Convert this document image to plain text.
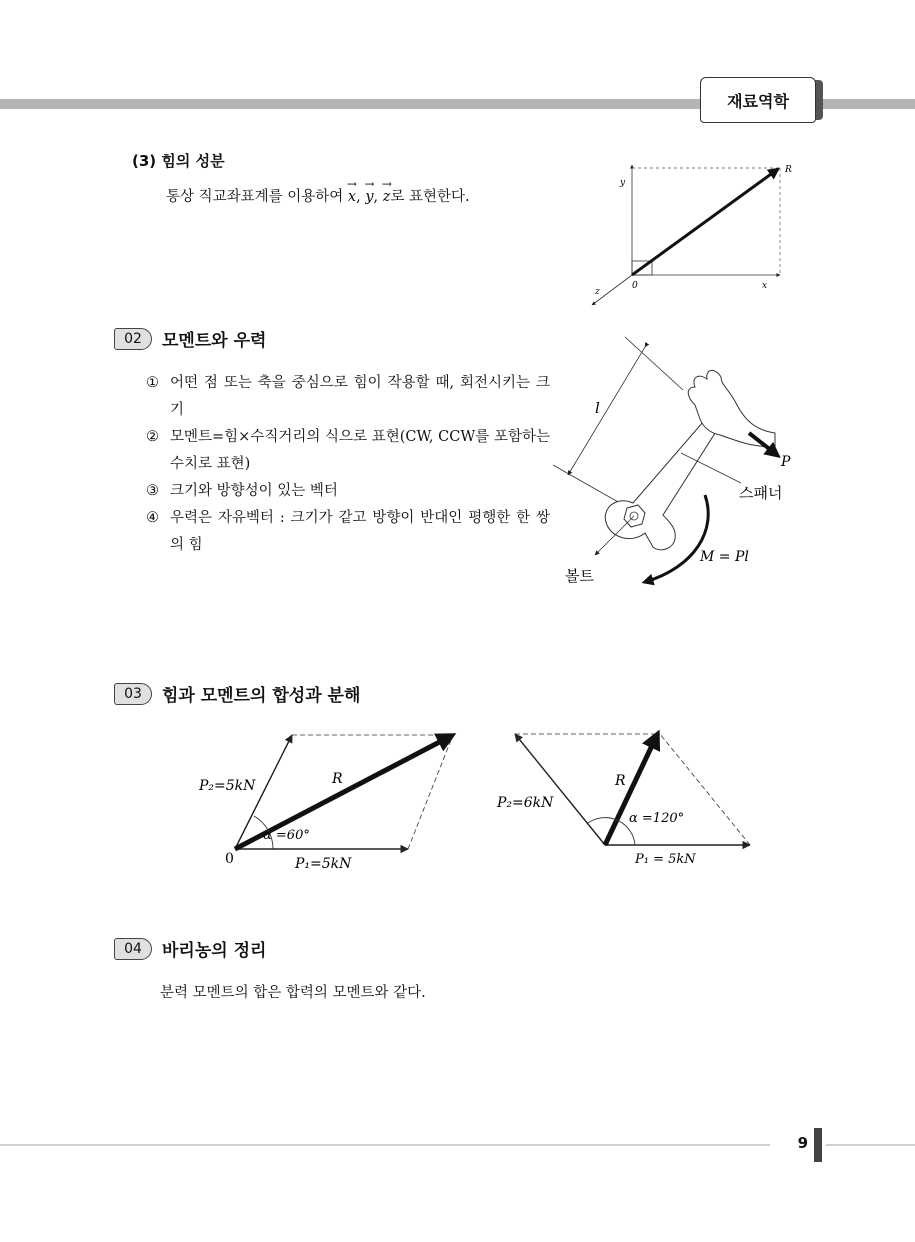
재료역학
(3) 힘의 성분
통상 직교좌표계를 이용하여
→
x,
→
y,
→
z로 표현한다.
y
R
0	x
z
02	모멘트와 우력
① 어떤 점 또는 축을 중심으로 힘이 작용할 때, 회전시키는 크기
② 모멘트=힘×수직거리의 식으로 표현(CW, CCW를 포함하는 수치로 표현)
③ 크기와 방향성이 있는 벡터
④ 우력은 자유벡터 : 크기가 같고 방향이 반대인 평행한 한 쌍의 힘
l
P
스패너
볼트
M = Pl
03	힘과 모멘트의 합성과 분해
P₂=5kN	R
α =60°
0	P₁=5kN
P₂=6kN
R
α =120°
P₁ = 5kN
04	바리농의 정리
분력 모멘트의 합은 합력의 모멘트와 같다.
9
